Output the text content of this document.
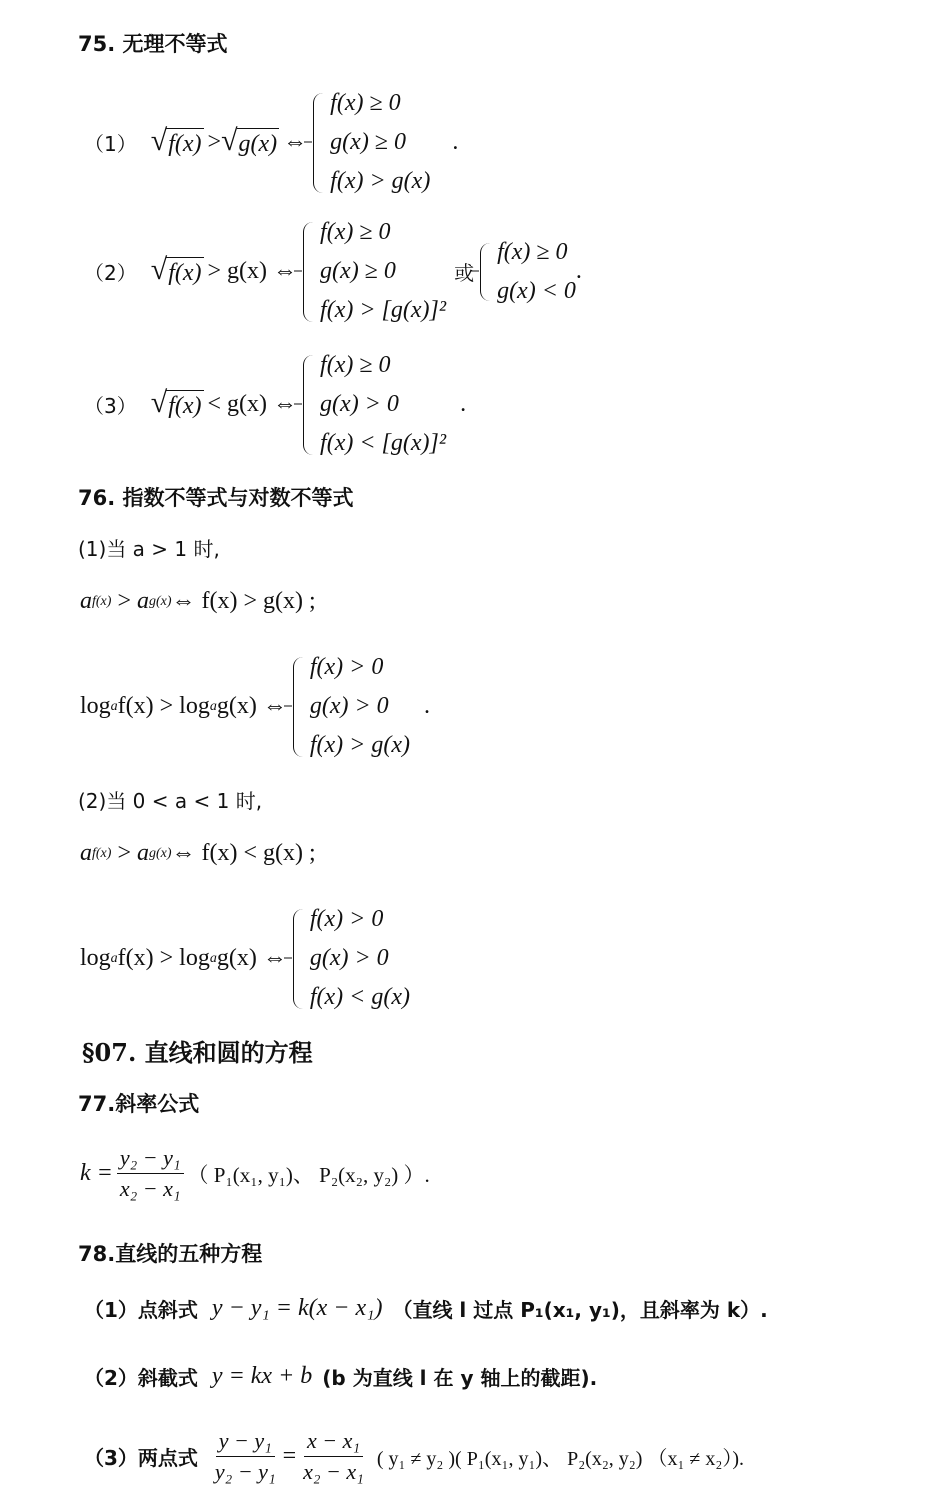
75. 无理不等式
（1） √ f(x) > √ g(x) ⇔
f(x) ≥ 0
g(x) ≥ 0
f(x) > g(x)
.
（2） √ f(x) > g(x) ⇔
f(x) ≥ 0
g(x) ≥ 0
f(x) > [g(x)]²
或
f(x) ≥ 0
g(x) < 0
.
（3） √ f(x) < g(x) ⇔
f(x) ≥ 0
g(x) > 0
f(x) < [g(x)]²
.
76. 指数不等式与对数不等式
(1)当 a > 1 时,
a f(x) > a g(x) ⇔ f(x) > g(x) ;
log a f(x) > log a g(x) ⇔
f(x) > 0
g(x) > 0
f(x) > g(x)
.
(2)当 0 < a < 1 时,
a f(x) > a g(x) ⇔ f(x) < g(x) ;
log a f(x) > log a g(x) ⇔
f(x) > 0
g(x) > 0
f(x) < g(x)
§07. 直线和圆的方程
77.斜率公式
$k = \frac{\text{y₂ − y₁}}{\text{x₂ − x₁}}$ （ P₁(x₁, y₁)、 P₂(x₂, y₂) ）.
78.直线的五种方程
（1）点斜式 y − y₁ = k(x − x₁) （直线 l 过点 P₁(x₁, y₁)，且斜率为 k）.
（2）斜截式 y = kx + b (b 为直线 l 在 y 轴上的截距).
（3）两点式 $\frac{\text{y − y₁}}{\text{y₂ − y₁}} = \frac{\text{x − x₁}}{\text{x₂ − x₁}}$ ( y₁ ≠ y₂ )( P₁(x₁, y₁)、 P₂(x₂, y₂) （x₁ ≠ x₂）).
